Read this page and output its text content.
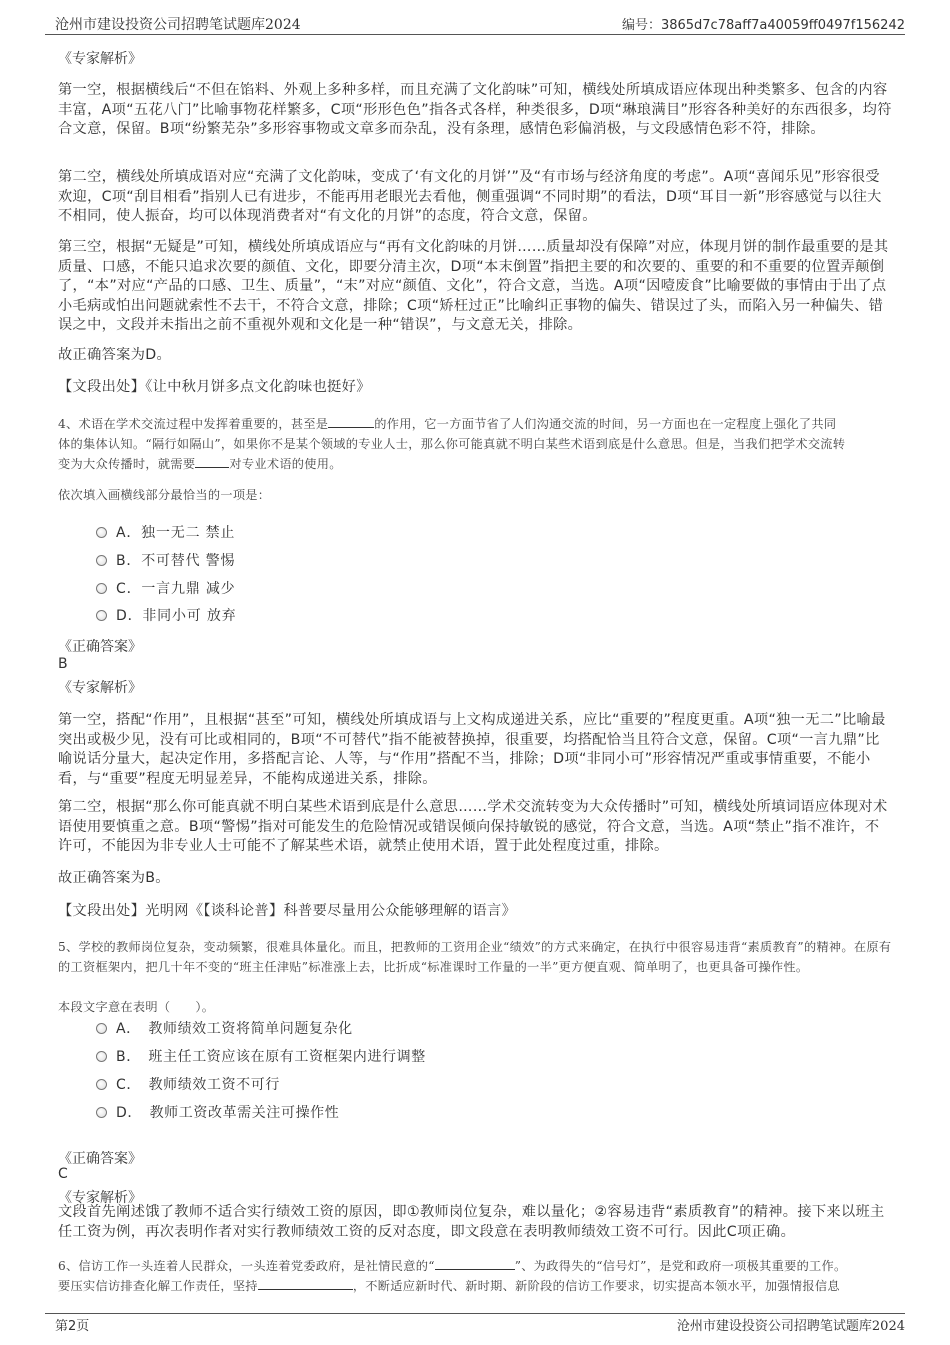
沧州市建设投资公司招聘笔试题库2024	编号：3865d7c78aff7a40059ff0497f156242
《专家解析》
第一空，根据横线后“不但在馅料、外观上多种多样，而且充满了文化韵味”可知，横线处所填成语应体现出种类繁多、包含的内容丰富，A项“五花八门”比喻事物花样繁多，C项“形形色色”指各式各样，种类很多，D项“琳琅满目”形容各种美好的东西很多，均符合文意，保留。B项“纷繁芜杂”多形容事物或文章多而杂乱，没有条理，感情色彩偏消极，与文段感情色彩不符，排除。
第二空，横线处所填成语对应“充满了文化韵味，变成了‘有文化的月饼’”及“有市场与经济角度的考虑”。A项“喜闻乐见”形容很受欢迎，C项“刮目相看”指别人已有进步，不能再用老眼光去看他，侧重强调“不同时期”的看法，D项“耳目一新”形容感觉与以往大不相同，使人振奋，均可以体现消费者对“有文化的月饼”的态度，符合文意，保留。
第三空，根据“无疑是”可知，横线处所填成语应与“再有文化韵味的月饼……质量却没有保障”对应，体现月饼的制作最重要的是其质量、口感，不能只追求次要的颜值、文化，即要分清主次，D项“本末倒置”指把主要的和次要的、重要的和不重要的位置弄颠倒了，“本”对应“产品的口感、卫生、质量”，“末”对应“颜值、文化”，符合文意，当选。A项“因噎废食”比喻要做的事情由于出了点小毛病或怕出问题就索性不去干，不符合文意，排除；C项“矫枉过正”比喻纠正事物的偏失、错误过了头，而陷入另一种偏失、错误之中，文段并未指出之前不重视外观和文化是一种“错误”，与文意无关，排除。
故正确答案为D。
【文段出处】《让中秋月饼多点文化韵味也挺好》
4、术语在学术交流过程中发挥着重要的，甚至是	的作用，它一方面节省了人们沟通交流的时间，另一方面也在一定程度上强化了共同
体的集体认知。“隔行如隔山”，如果你不是某个领域的专业人士，那么你可能真就不明白某些术语到底是什么意思。但是，当我们把学术交流转
变为大众传播时，就需要	对专业术语的使用。
依次填入画横线部分最恰当的一项是：
A．独一无二 禁止
B．不可替代 警惕
C．一言九鼎 减少
D．非同小可 放弃
《正确答案》
B
《专家解析》
第一空，搭配“作用”，且根据“甚至”可知，横线处所填成语与上文构成递进关系，应比“重要的”程度更重。A项“独一无二”比喻最突出或极少见，没有可比或相同的，B项“不可替代”指不能被替换掉，很重要，均搭配恰当且符合文意，保留。C项“一言九鼎”比喻说话分量大，起决定作用，多搭配言论、人等，与“作用”搭配不当，排除；D项“非同小可”形容情况严重或事情重要，不能小看，与“重要”程度无明显差异，不能构成递进关系，排除。
第二空，根据“那么你可能真就不明白某些术语到底是什么意思……学术交流转变为大众传播时”可知，横线处所填词语应体现对术语使用要慎重之意。B项“警惕”指对可能发生的危险情况或错误倾向保持敏锐的感觉，符合文意，当选。A项“禁止”指不准许，不许可，不能因为非专业人士可能不了解某些术语，就禁止使用术语，置于此处程度过重，排除。
故正确答案为B。
【文段出处】光明网《【谈科论普】科普要尽量用公众能够理解的语言》
5、学校的教师岗位复杂，变动频繁，很难具体量化。而且，把教师的工资用企业“绩效”的方式来确定，在执行中很容易违背“素质教育”的精神。在原有的工资框架内，把几十年不变的“班主任津贴”标准涨上去，比折成“标准课时工作量的一半”更方便直观、简单明了，也更具备可操作性。
本段文字意在表明（　　）。
A．　教师绩效工资将简单问题复杂化
B．　班主任工资应该在原有工资框架内进行调整
C．　教师绩效工资不可行
D．　教师工资改革需关注可操作性
《正确答案》
C
《专家解析》
文段首先阐述饿了教师不适合实行绩效工资的原因，即①教师岗位复杂，难以量化；②容易违背“素质教育”的精神。接下来以班主任工资为例，再次表明作者对实行教师绩效工资的反对态度，即文段意在表明教师绩效工资不可行。因此C项正确。
6、信访工作一头连着人民群众，一头连着党委政府，是社情民意的“	”、为政得失的“信号灯”，是党和政府一项极其重要的工作。
要压实信访排查化解工作责任，坚持	，不断适应新时代、新时期、新阶段的信访工作要求，切实提高本领水平，加强情报信息
第2页	沧州市建设投资公司招聘笔试题库2024
